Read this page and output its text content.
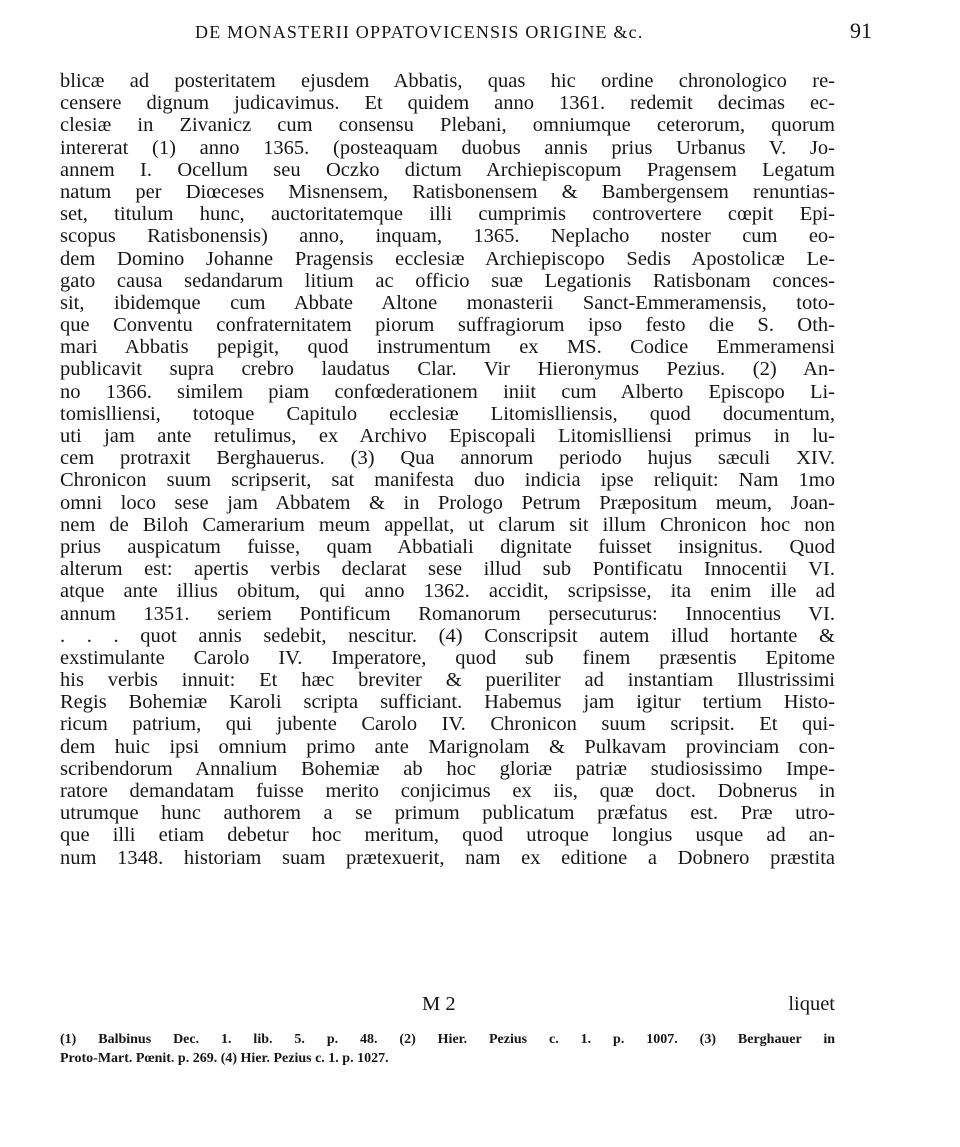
DE MONASTERII OPPATOVICENSIS ORIGINE &c.	91
blicæ ad posteritatem ejusdem Abbatis, quas hic ordine chronologico re-
censere dignum judicavimus. Et quidem anno 1361. redemit decimas ec-
clesiæ in Zivanicz cum consensu Plebani, omniumque ceterorum, quorum
intererat (1) anno 1365. (posteaquam duobus annis prius Urbanus V. Jo-
annem I. Ocellum seu Oczko dictum Archiepiscopum Pragensem Legatum
natum per Diœceses Misnensem, Ratisbonensem & Bambergensem renuntias-
set, titulum hunc, auctoritatemque illi cumprimis controvertere cœpit Epi-
scopus Ratisbonensis) anno, inquam, 1365. Neplacho noster cum eo-
dem Domino Johanne Pragensis ecclesiæ Archiepiscopo Sedis Apostolicæ Le-
gato causa sedandarum litium ac officio suæ Legationis Ratisbonam conces-
sit, ibidemque cum Abbate Altone monasterii Sanct-Emmeramensis, toto-
que Conventu confraternitatem piorum suffragiorum ipso festo die S. Oth-
mari Abbatis pepigit, quod instrumentum ex MS. Codice Emmeramensi
publicavit supra crebro laudatus Clar. Vir Hieronymus Pezius. (2) An-
no 1366. similem piam confœderationem iniit cum Alberto Episcopo Li-
tomislliensi, totoque Capitulo ecclesiæ Litomislliensis, quod documentum,
uti jam ante retulimus, ex Archivo Episcopali Litomislliensi primus in lu-
cem protraxit Berghauerus. (3) Qua annorum periodo hujus sæculi XIV.
Chronicon suum scripserit, sat manifesta duo indicia ipse reliquit: Nam 1mo
omni loco sese jam Abbatem & in Prologo Petrum Præpositum meum, Joan-
nem de Biloh Camerarium meum appellat, ut clarum sit illum Chronicon hoc non
prius auspicatum fuisse, quam Abbatiali dignitate fuisset insignitus. Quod
alterum est: apertis verbis declarat sese illud sub Pontificatu Innocentii VI.
atque ante illius obitum, qui anno 1362. accidit, scripsisse, ita enim ille ad
annum 1351. seriem Pontificum Romanorum persecuturus: Innocentius VI.
. . . quot annis sedebit, nescitur. (4) Conscripsit autem illud hortante &
exstimulante Carolo IV. Imperatore, quod sub finem præsentis Epitome
his verbis innuit: Et hæc breviter & pueriliter ad instantiam Illustrissimi
Regis Bohemiæ Karoli scripta sufficiant. Habemus jam igitur tertium Histo-
ricum patrium, qui jubente Carolo IV. Chronicon suum scripsit. Et qui-
dem huic ipsi omnium primo ante Marignolam & Pulkavam provinciam con-
scribendorum Annalium Bohemiæ ab hoc gloriæ patriæ studiosissimo Impe-
ratore demandatam fuisse merito conjicimus ex iis, quæ doct. Dobnerus in
utrumque hunc authorem a se primum publicatum præfatus est. Præ utro-
que illi etiam debetur hoc meritum, quod utroque longius usque ad an-
num 1348. historiam suam prætexuerit, nam ex editione a Dobnero præstita
M 2	liquet
(1) Balbinus Dec. 1. lib. 5. p. 48. (2) Hier. Pezius c. 1. p. 1007. (3) Berghauer in
Proto-Mart. Pœnit. p. 269. (4) Hier. Pezius c. 1. p. 1027.
